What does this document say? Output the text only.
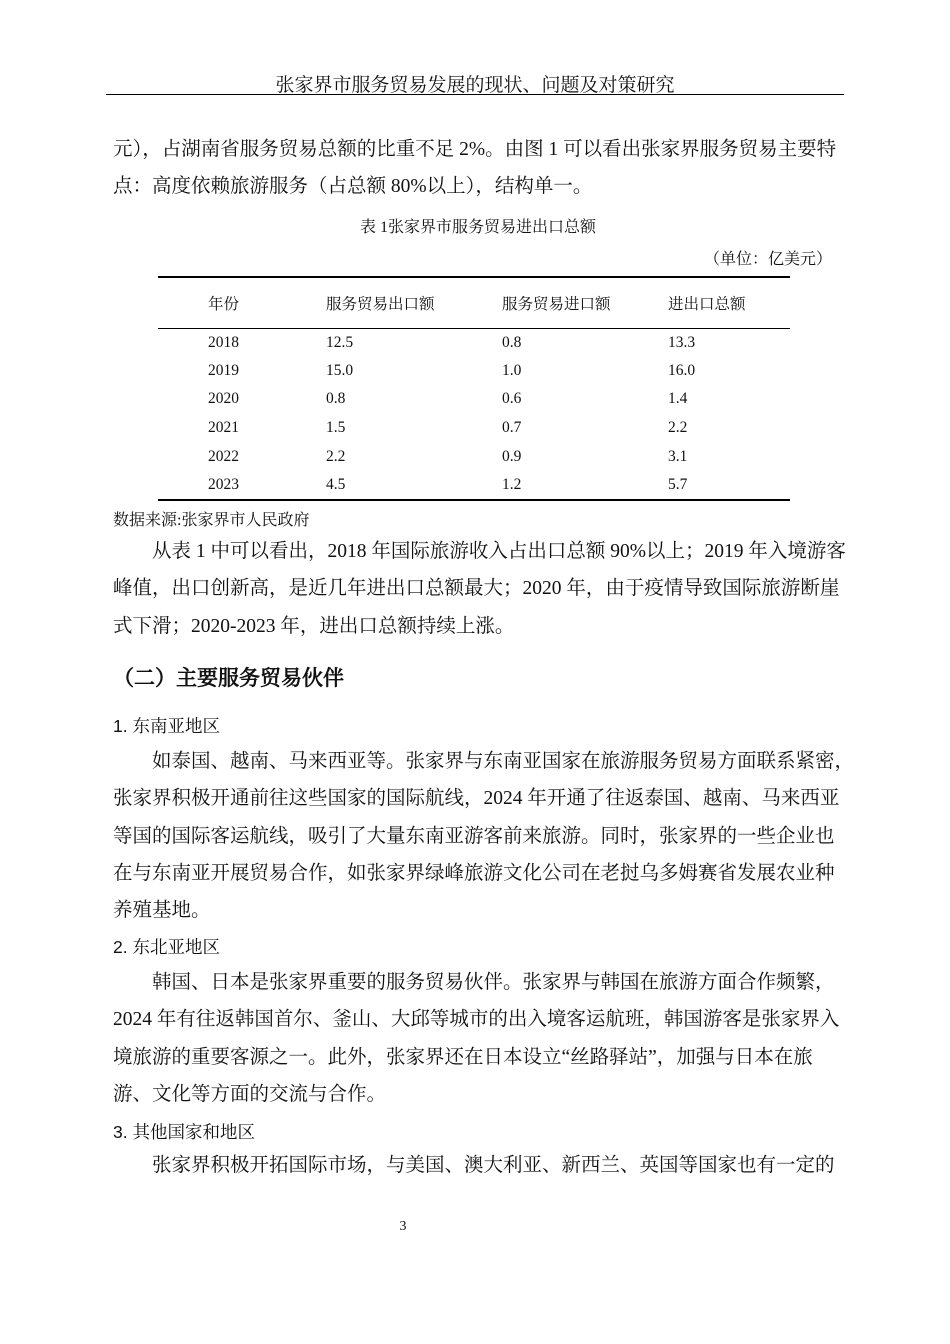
张家界市服务贸易发展的现状、问题及对策研究
元），占湖南省服务贸易总额的比重不足 2%。由图 1 可以看出张家界服务贸易主要特
点：高度依赖旅游服务（占总额 80%以上），结构单一。
表 1张家界市服务贸易进出口总额
（单位：亿美元）
年份	服务贸易出口额	服务贸易进口额	进出口总额
2018	12.5	0.8	13.3
2019	15.0	1.0	16.0
2020	0.8	0.6	1.4
2021	1.5	0.7	2.2
2022	2.2	0.9	3.1
2023	4.5	1.2	5.7
数据来源:张家界市人民政府
从表 1 中可以看出，2018 年国际旅游收入占出口总额 90%以上；2019 年入境游客
峰值，出口创新高，是近几年进出口总额最大；2020 年，由于疫情导致国际旅游断崖
式下滑；2020-2023 年，进出口总额持续上涨。
（二）主要服务贸易伙伴
1. 东南亚地区
如泰国、越南、马来西亚等。张家界与东南亚国家在旅游服务贸易方面联系紧密，
张家界积极开通前往这些国家的国际航线，2024 年开通了往返泰国、越南、马来西亚
等国的国际客运航线，吸引了大量东南亚游客前来旅游。同时，张家界的一些企业也
在与东南亚开展贸易合作，如张家界绿峰旅游文化公司在老挝乌多姆赛省发展农业种
养殖基地。
2. 东北亚地区
韩国、日本是张家界重要的服务贸易伙伴。张家界与韩国在旅游方面合作频繁，
2024 年有往返韩国首尔、釜山、大邱等城市的出入境客运航班，韩国游客是张家界入
境旅游的重要客源之一。此外，张家界还在日本设立“丝路驿站”，加强与日本在旅
游、文化等方面的交流与合作。
3. 其他国家和地区
张家界积极开拓国际市场，与美国、澳大利亚、新西兰、英国等国家也有一定的
3
